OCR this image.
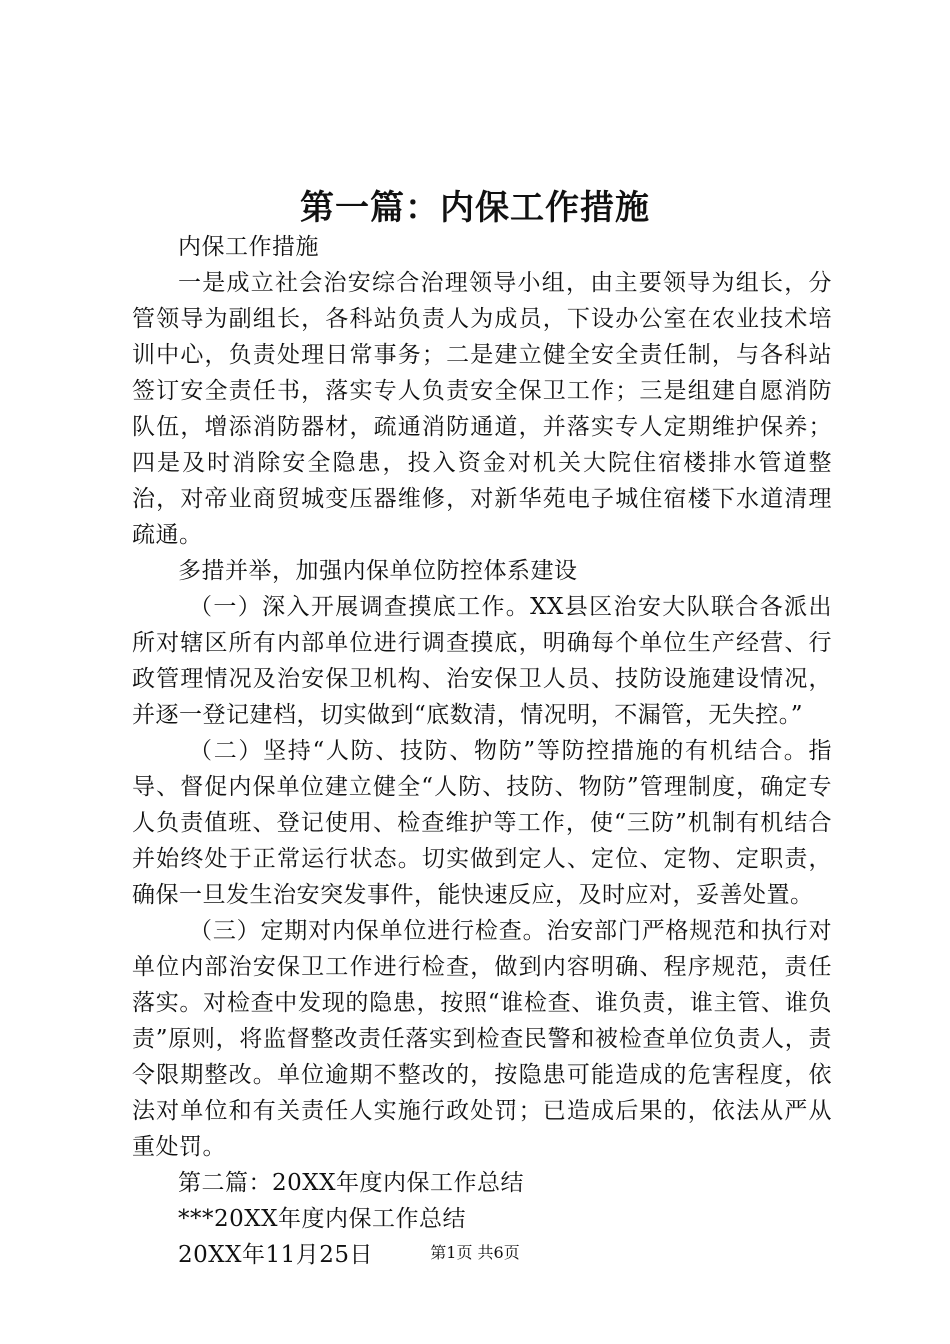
第一篇：内保工作措施

内保工作措施

一是成立社会治安综合治理领导小组，由主要领导为组长，分管领导为副组长，各科站负责人为成员，下设办公室在农业技术培训中心，负责处理日常事务；二是建立健全安全责任制，与各科站签订安全责任书，落实专人负责安全保卫工作；三是组建自愿消防队伍，增添消防器材，疏通消防通道，并落实专人定期维护保养；四是及时消除安全隐患，投入资金对机关大院住宿楼排水管道整治，对帝业商贸城变压器维修，对新华苑电子城住宿楼下水道清理疏通。

多措并举，加强内保单位防控体系建设

（一）深入开展调查摸底工作。XX县区治安大队联合各派出所对辖区所有内部单位进行调查摸底，明确每个单位生产经营、行政管理情况及治安保卫机构、治安保卫人员、技防设施建设情况，并逐一登记建档，切实做到“底数清，情况明，不漏管，无失控。”

（二）坚持“人防、技防、物防”等防控措施的有机结合。指导、督促内保单位建立健全“人防、技防、物防”管理制度，确定专人负责值班、登记使用、检查维护等工作，使“三防”机制有机结合并始终处于正常运行状态。切实做到定人、定位、定物、定职责，确保一旦发生治安突发事件，能快速反应，及时应对，妥善处置。

（三）定期对内保单位进行检查。治安部门严格规范和执行对单位内部治安保卫工作进行检查，做到内容明确、程序规范，责任落实。对检查中发现的隐患，按照“谁检查、谁负责，谁主管、谁负责”原则，将监督整改责任落实到检查民警和被检查单位负责人，责令限期整改。单位逾期不整改的，按隐患可能造成的危害程度，依法对单位和有关责任人实施行政处罚；已造成后果的，依法从严从重处罚。

第二篇：20XX年度内保工作总结

***20XX年度内保工作总结

20XX年11月25日	第1页 共6页
